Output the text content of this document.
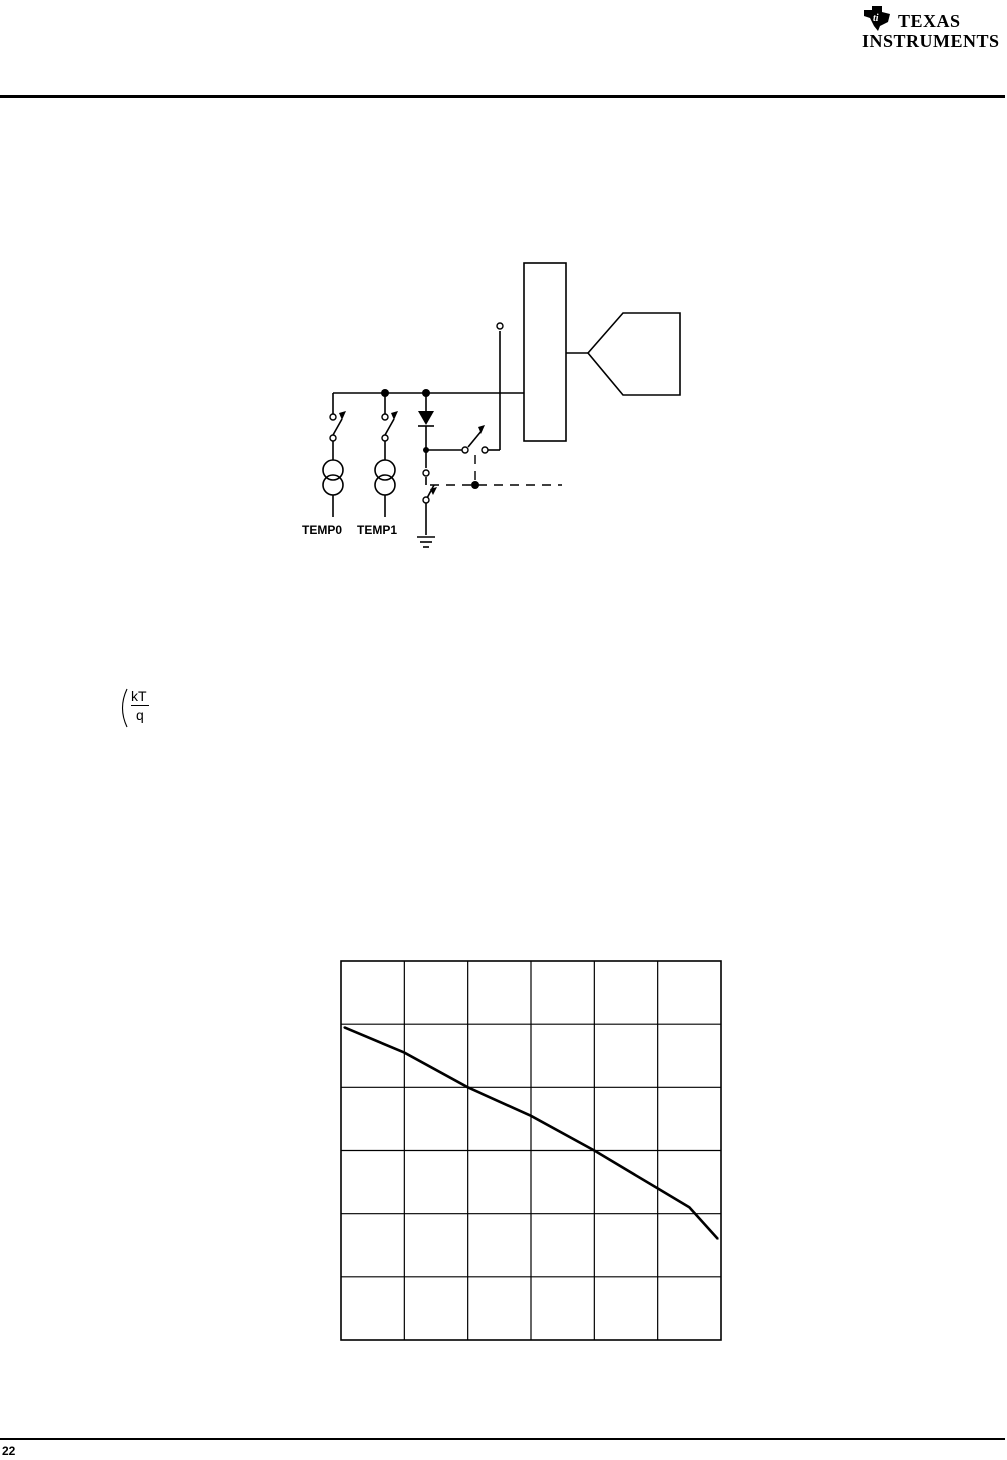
ti TEXAS
INSTRUMENTS
TEMP0 TEMP1
kT
q
22
